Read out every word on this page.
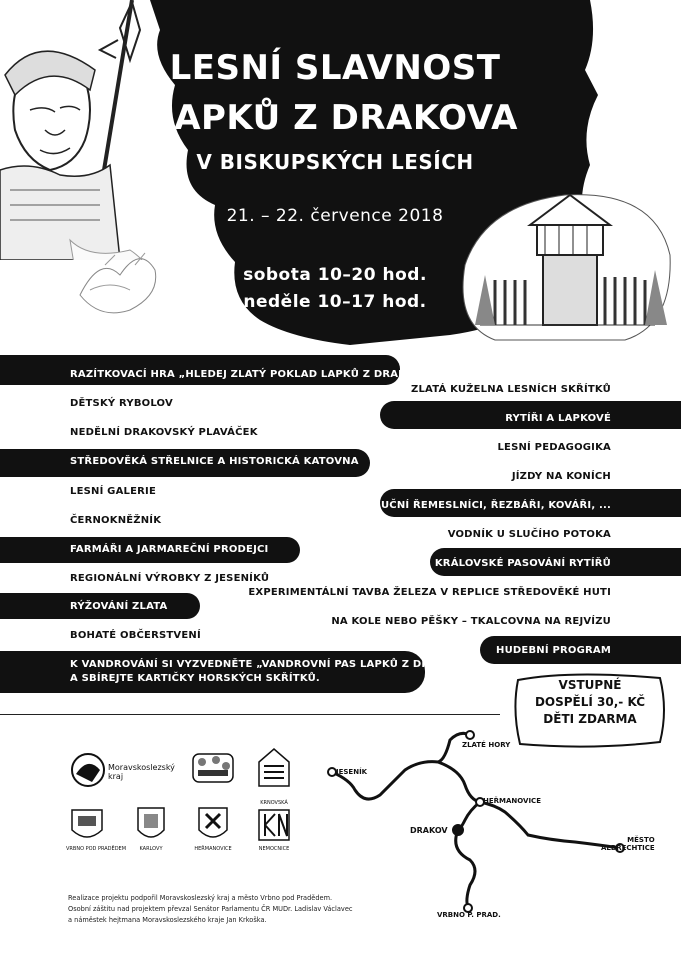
LESNÍ SLAVNOST
LAPKŮ Z DRAKOVA
V BISKUPSKÝCH LESÍCH
21. – 22. července 2018
sobota 10–20 hod.
neděle 10–17 hod.
RAZÍTKOVACÍ HRA „HLEDEJ ZLATÝ POKLAD LAPKŮ Z DRAKOVA“
DĚTSKÝ RYBOLOV
NEDĚLNÍ DRAKOVSKÝ PLAVÁČEK
STŘEDOVĚKÁ STŘELNICE A HISTORICKÁ KATOVNA
LESNÍ GALERIE
ČERNOKNĚŽNÍK
FARMÁŘI A JARMAREČNÍ PRODEJCI
REGIONÁLNÍ VÝROBKY Z JESENÍKŮ
RÝŽOVÁNÍ ZLATA
BOHATÉ OBČERSTVENÍ
K VANDROVÁNÍ SI VYZVEDNĚTE „VANDROVNÍ PAS LAPKŮ Z DRAKOVA“
A SBÍREJTE KARTIČKY HORSKÝCH SKŘÍTKŮ.
ZLATÁ KUŽELNA LESNÍCH SKŘÍTKŮ
RYTÍŘI A LAPKOVÉ
LESNÍ PEDAGOGIKA
JÍZDY NA KONÍCH
ZRUČNÍ ŘEMESLNÍCI, ŘEZBÁŘI, KOVÁŘI, ...
VODNÍK U SLUČÍHO POTOKA
KRÁLOVSKÉ PASOVÁNÍ RYTÍŘŮ
EXPERIMENTÁLNÍ TAVBA ŽELEZA V REPLICE STŘEDOVĚKÉ HUTI
NA KOLE NEBO PĚŠKY – TKALCOVNA NA REJVÍZU
HUDEBNÍ PROGRAM
VSTUPNÉ
DOSPĚLÍ 30,- KČ
DĚTI ZDARMA
Moravskoslezský
kraj
VRBNO POD PRADĚDEM	KARLOVY	HEŘMANOVICE
KRNOVSKÁ
NEMOCNICE
JESENÍK
ZLATÉ HORY
HEŘMANOVICE
DRAKOV
MĚSTO
ALBRECHTICE
VRBNO P. PRAD.
Realizace projektu podpořil Moravskoslezský kraj a město Vrbno pod Pradědem.
Osobní záštitu nad projektem převzal Senátor Parlamentu ČR MUDr. Ladislav Václavec
a náměstek hejtmana Moravskoslezského kraje Jan Krkoška.
